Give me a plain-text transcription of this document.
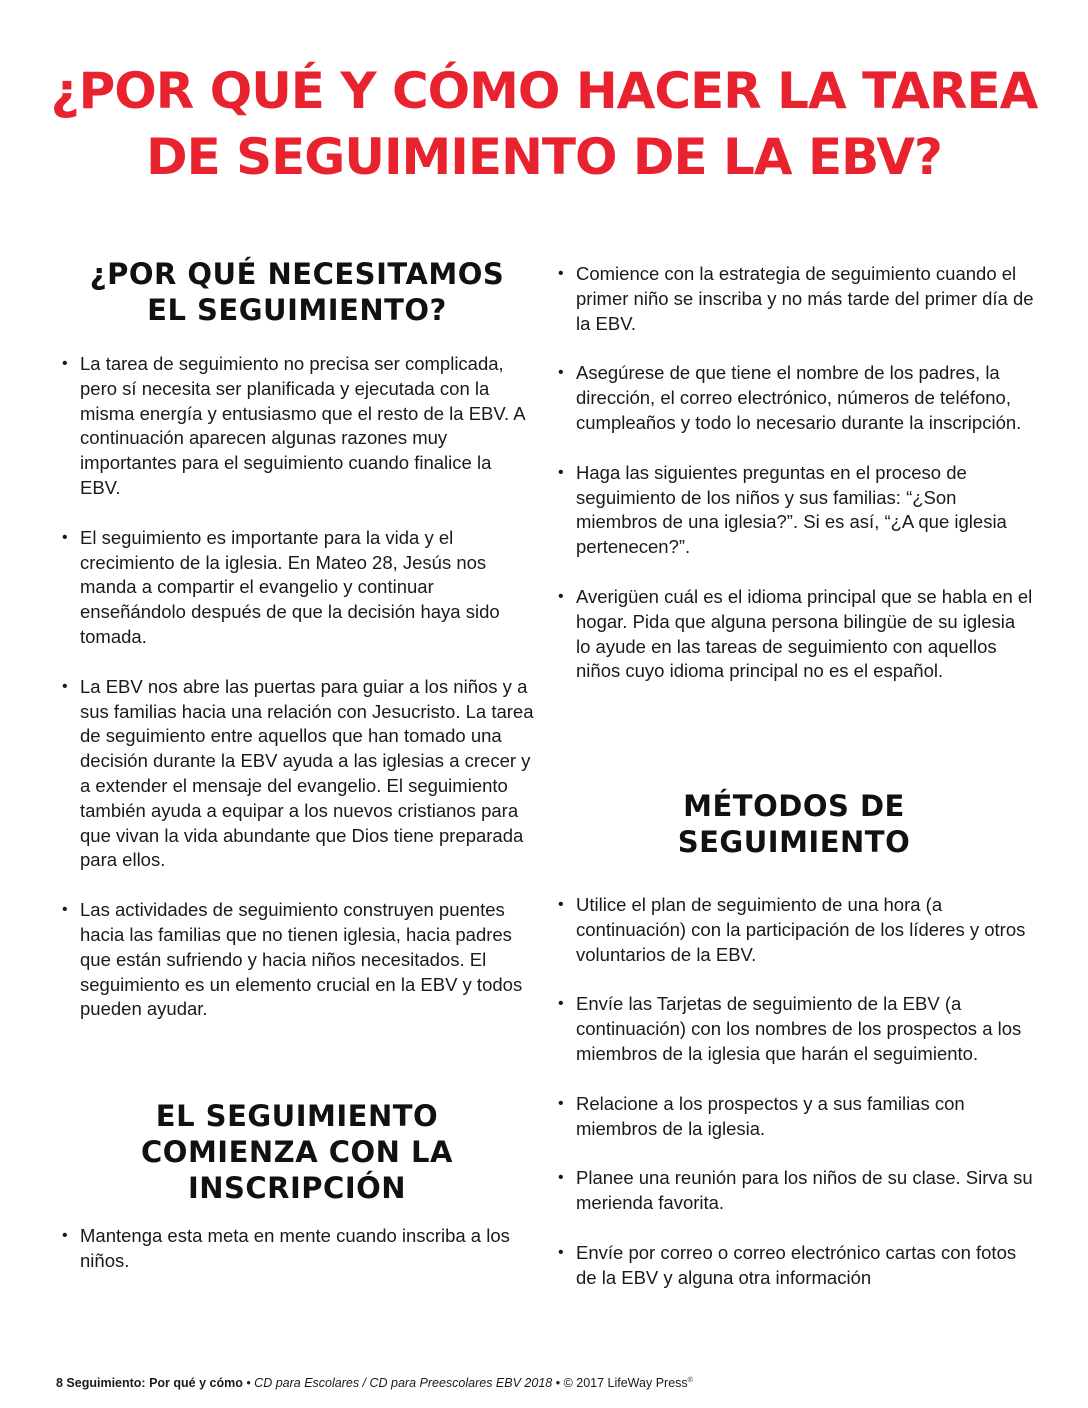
¿POR QUÉ Y CÓMO HACER LA TAREA
DE SEGUIMIENTO DE LA EBV?
¿POR QUÉ NECESITAMOS
EL SEGUIMIENTO?
• La tarea de seguimiento no precisa ser complicada, pero sí necesita ser planificada y ejecutada con la misma energía y entusiasmo que el resto de la EBV. A continuación aparecen algunas razones muy importantes para el seguimiento cuando finalice la EBV.
• El seguimiento es importante para la vida y el crecimiento de la iglesia. En Mateo 28, Jesús nos manda a compartir el evangelio y continuar enseñándolo después de que la decisión haya sido tomada.
• La EBV nos abre las puertas para guiar a los niños y a sus familias hacia una relación con Jesucristo. La tarea de seguimiento entre aquellos que han tomado una decisión durante la EBV ayuda a las iglesias a crecer y a extender el mensaje del evangelio. El seguimiento también ayuda a equipar a los nuevos cristianos para que vivan la vida abundante que Dios tiene preparada para ellos.
• Las actividades de seguimiento construyen puentes hacia las familias que no tienen iglesia, hacia padres que están sufriendo y hacia niños necesitados. El seguimiento es un elemento crucial en la EBV y todos pueden ayudar.
EL SEGUIMIENTO
COMIENZA CON LA
INSCRIPCIÓN
• Mantenga esta meta en mente cuando inscriba a los niños.
• Comience con la estrategia de seguimiento cuando el primer niño se inscriba y no más tarde del primer día de la EBV.
• Asegúrese de que tiene el nombre de los padres, la dirección, el correo electrónico, números de teléfono, cumpleaños y todo lo necesario durante la inscripción.
• Haga las siguientes preguntas en el proceso de seguimiento de los niños y sus familias: “¿Son miembros de una iglesia?”. Si es así, “¿A que iglesia pertenecen?”.
• Averigüen cuál es el idioma principal que se habla en el hogar. Pida que alguna persona bilingüe de su iglesia lo ayude en las tareas de seguimiento con aquellos niños cuyo idioma principal no es el español.
MÉTODOS DE
SEGUIMIENTO
• Utilice el plan de seguimiento de una hora (a continuación) con la participación de los líderes y otros voluntarios de la EBV.
• Envíe las Tarjetas de seguimiento de la EBV (a continuación) con los nombres de los prospectos a los miembros de la iglesia que harán el seguimiento.
• Relacione a los prospectos y a sus familias con miembros de la iglesia.
• Planee una reunión para los niños de su clase. Sirva su merienda favorita.
• Envíe por correo o correo electrónico cartas con fotos de la EBV y alguna otra información
8 Seguimiento: Por qué y cómo • CD para Escolares / CD para Preescolares EBV 2018 • © 2017 LifeWay Press®
